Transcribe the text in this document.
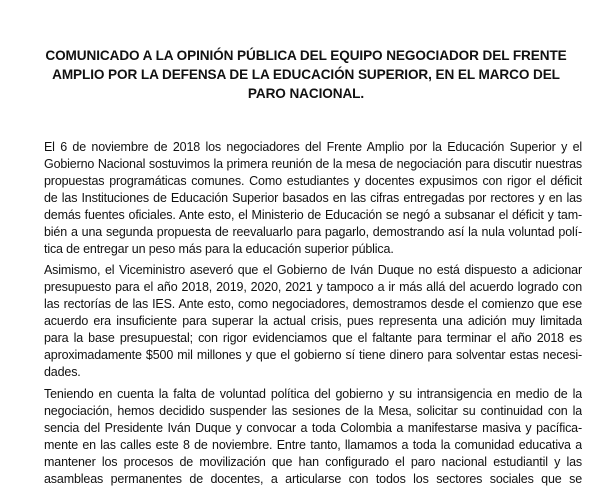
COMUNICADO A LA OPINIÓN PÚBLICA DEL EQUIPO NEGOCIADOR DEL FRENTE
AMPLIO POR LA DEFENSA DE LA EDUCACIÓN SUPERIOR, EN EL MARCO DEL
PARO NACIONAL.

El 6 de noviembre de 2018 los negociadores del Frente Amplio por la Educación Superior y el
Gobierno Nacional sostuvimos la primera reunión de la mesa de negociación para discutir nuestras
propuestas programáticas comunes. Como estudiantes y docentes expusimos con rigor el déficit
de las Instituciones de Educación Superior basados en las cifras entregadas por rectores y en las
demás fuentes oficiales. Ante esto, el Ministerio de Educación se negó a subsanar el déficit y tam-
bién a una segunda propuesta de reevaluarlo para pagarlo, demostrando así la nula voluntad polí-
tica de entregar un peso más para la educación superior pública.

Asimismo, el Viceministro aseveró que el Gobierno de Iván Duque no está dispuesto a adicionar
presupuesto para el año 2018, 2019, 2020, 2021 y tampoco a ir más allá del acuerdo logrado con
las rectorías de las IES. Ante esto, como negociadores, demostramos desde el comienzo que ese
acuerdo era insuficiente para superar la actual crisis, pues representa una adición muy limitada
para la base presupuestal; con rigor evidenciamos que el faltante para terminar el año 2018 es
aproximadamente $500 mil millones y que el gobierno sí tiene dinero para solventar estas necesi-
dades.

Teniendo en cuenta la falta de voluntad política del gobierno y su intransigencia en medio de la
negociación, hemos decidido suspender las sesiones de la Mesa, solicitar su continuidad con la
sencia del Presidente Iván Duque y convocar a toda Colombia a manifestarse masiva y pacífica-
mente en las calles este 8 de noviembre. Entre tanto, llamamos a toda la comunidad educativa a
mantener los procesos de movilización que han configurado el paro nacional estudiantil y las
asambleas permanentes de docentes, a articularse con todos los sectores sociales que se
